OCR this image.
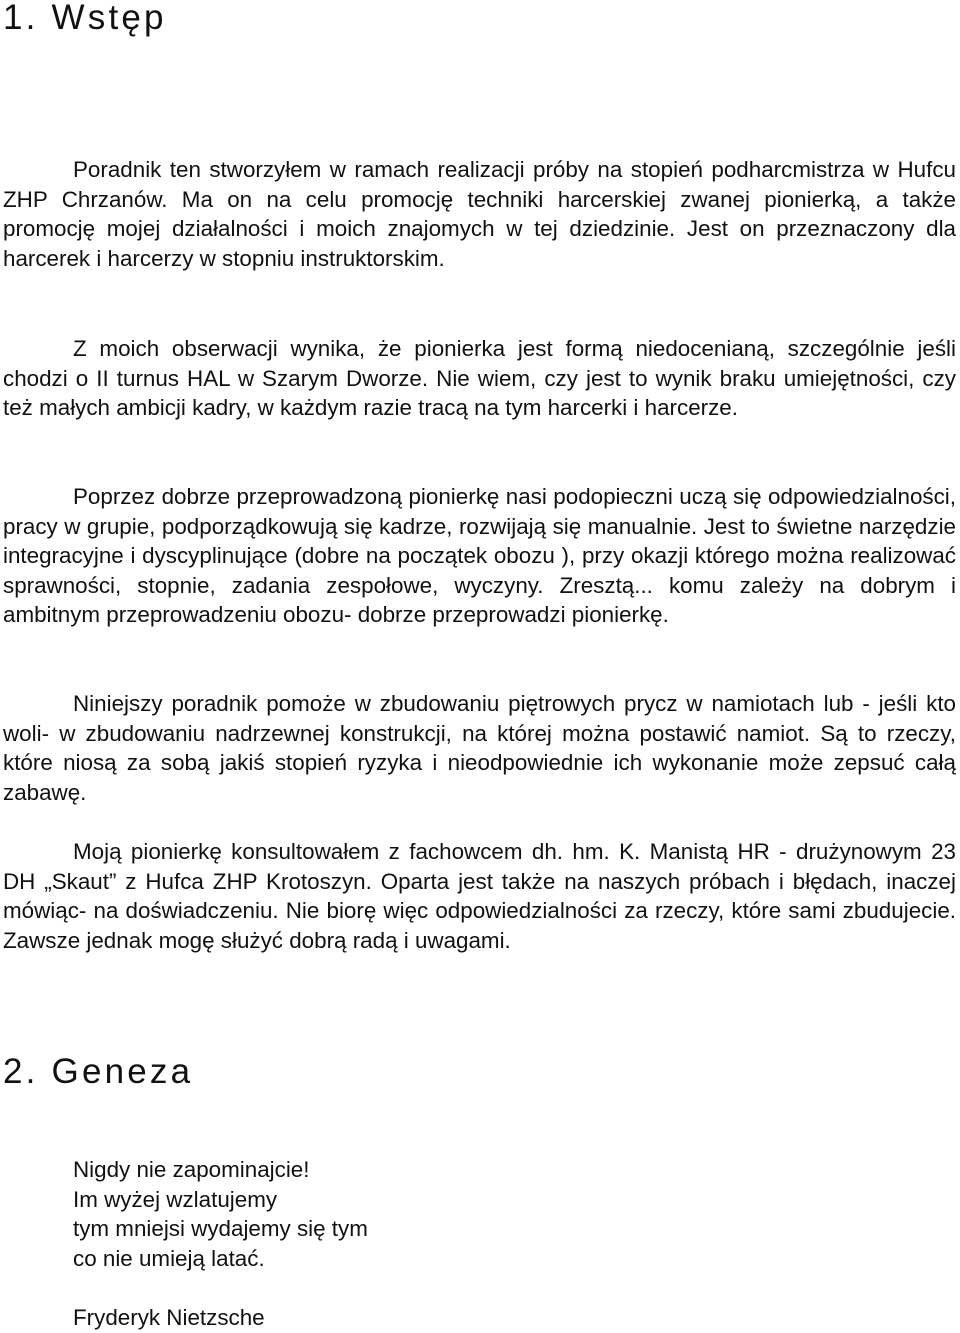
1. Wstęp

Poradnik ten stworzyłem w ramach realizacji próby na stopień podharcmistrza w Hufcu ZHP Chrzanów. Ma on na celu promocję techniki harcerskiej zwanej pionierką, a także promocję mojej działalności i moich znajomych w tej dziedzinie. Jest on przeznaczony dla harcerek i harcerzy w stopniu instruktorskim.

Z moich obserwacji wynika, że pionierka jest formą niedocenianą, szczególnie jeśli chodzi o II turnus HAL w Szarym Dworze. Nie wiem, czy jest to wynik braku umiejętności, czy też małych ambicji kadry, w każdym razie tracą na tym harcerki i harcerze.

Poprzez dobrze przeprowadzoną pionierkę nasi podopieczni uczą się odpowiedzialności, pracy w grupie, podporządkowują się kadrze, rozwijają się manualnie. Jest to świetne narzędzie integracyjne i dyscyplinujące (dobre na początek obozu ), przy okazji którego można realizować sprawności, stopnie, zadania zespołowe, wyczyny. Zresztą... komu zależy na dobrym i ambitnym przeprowadzeniu obozu- dobrze przeprowadzi pionierkę.

Niniejszy poradnik pomoże w zbudowaniu piętrowych prycz w namiotach lub - jeśli kto woli- w zbudowaniu nadrzewnej konstrukcji, na której można postawić namiot. Są to rzeczy, które niosą za sobą jakiś stopień ryzyka i nieodpowiednie ich wykonanie może zepsuć całą zabawę.

Moją pionierkę konsultowałem z fachowcem dh. hm. K. Manistą HR - drużynowym 23 DH „Skaut” z Hufca ZHP Krotoszyn. Oparta jest także na naszych próbach i błędach, inaczej mówiąc- na doświadczeniu. Nie biorę więc odpowiedzialności za rzeczy, które sami zbudujecie. Zawsze jednak mogę służyć dobrą radą i uwagami.

2. Geneza
Nigdy nie zapominajcie!
Im wyżej wzlatujemy
tym mniejsi wydajemy się tym
co nie umieją latać.

Fryderyk Nietzsche
